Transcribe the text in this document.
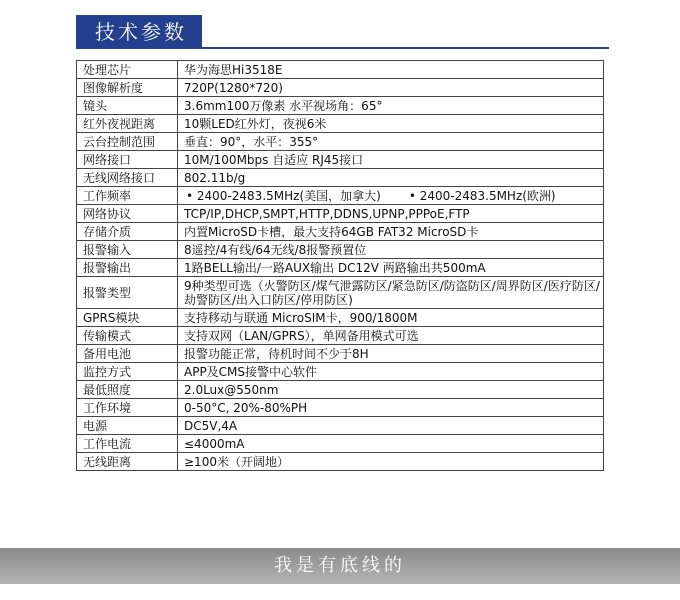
技术参数
处理芯片	华为海思Hi3518E
图像解析度	720P(1280*720)
镜头	3.6mm100万像素 水平视场角：65°
红外夜视距离	10颗LED红外灯，夜视6米
云台控制范围	垂直：90°，水平：355°
网络接口	10M/100Mbps 自适应 RJ45接口
无线网络接口	802.11b/g
工作频率	• 2400-2483.5MHz(美国，加拿大) • 2400-2483.5MHz(欧洲)
网络协议	TCP/IP,DHCP,SMPT,HTTP,DDNS,UPNP,PPPoE,FTP
存储介质	内置MicroSD卡槽，最大支持64GB FAT32 MicroSD卡
报警输入	8遥控/4有线/64无线/8报警预置位
报警输出	1路BELL输出/一路AUX输出 DC12V 两路输出共500mA
报警类型	9种类型可选（火警防区/煤气泄露防区/紧急防区/防盗防区/周界防区/医疗防区/劫警防区/出入口防区/停用防区)
GPRS模块	支持移动与联通 MicroSIM卡，900/1800M
传输模式	支持双网（LAN/GPRS），单网备用模式可选
备用电池	报警功能正常，待机时间不少于8H
监控方式	APP及CMS接警中心软件
最低照度	2.0Lux@550nm
工作环境	0-50°C, 20%-80%PH
电源	DC5V,4A
工作电流	≤4000mA
无线距离	≥100米（开阔地）
我是有底线的
